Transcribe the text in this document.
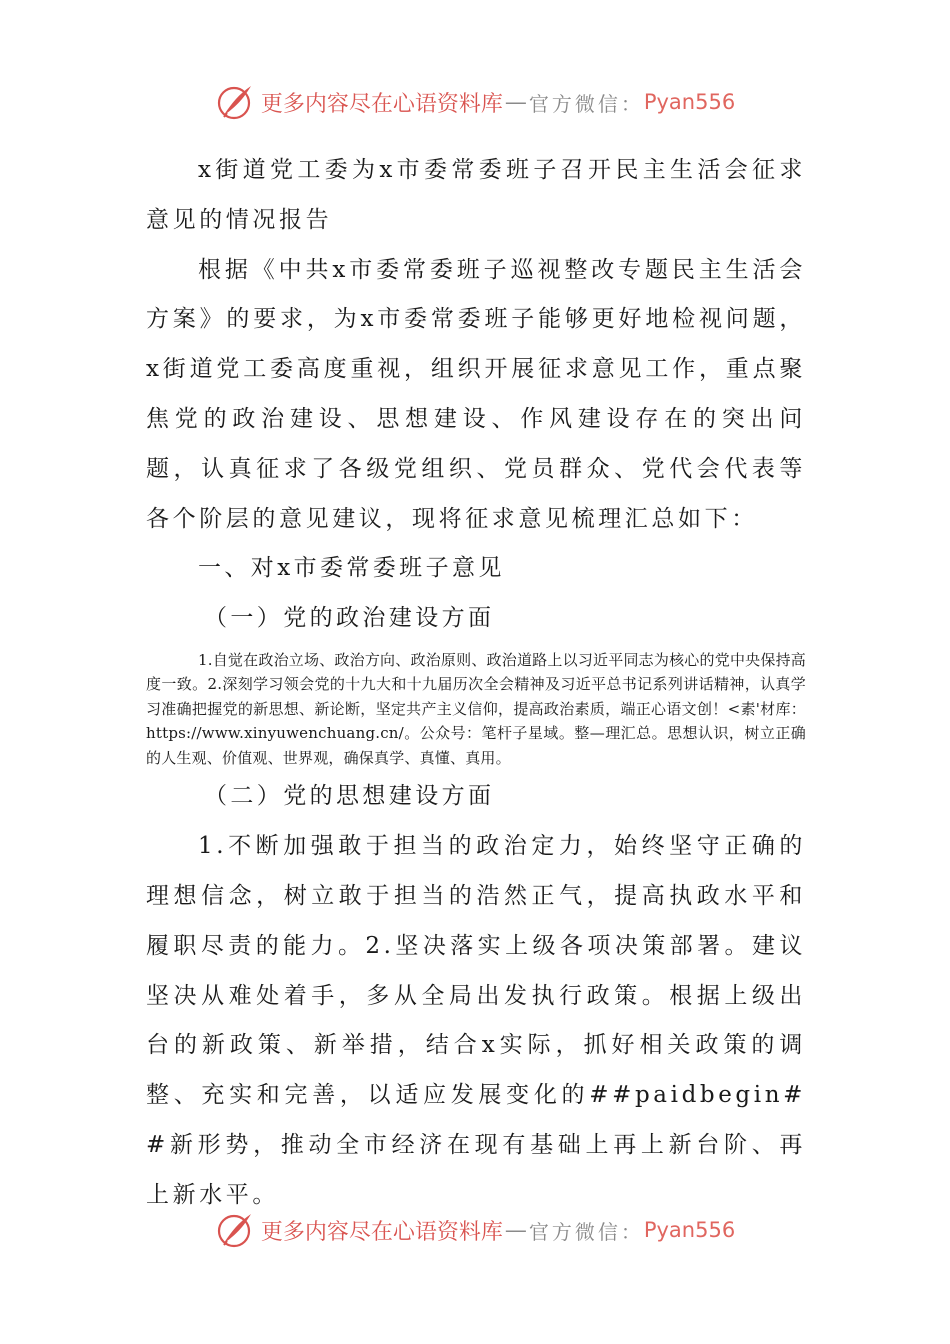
更多内容尽在心语资料库 — 官方微信： Pyan556

x街道党工委为x市委常委班子召开民主生活会征求意见的情况报告

根据《中共x市委常委班子巡视整改专题民主生活会方案》的要求，为x市委常委班子能够更好地检视问题，x街道党工委高度重视，组织开展征求意见工作，重点聚焦党的政治建设、思想建设、作风建设存在的突出问题，认真征求了各级党组织、党员群众、党代会代表等各个阶层的意见建议，现将征求意见梳理汇总如下：

一、对x市委常委班子意见

（一）党的政治建设方面

1.自觉在政治立场、政治方向、政治原则、政治道路上以习近平同志为核心的党中央保持高度一致。2.深刻学习领会党的十九大和十九届历次全会精神及习近平总书记系列讲话精神，认真学习准确把握党的新思想、新论断，坚定共产主义信仰，提高政治素质，端正心语文创！<素'材库：https://www.xinyuwenchuang.cn/。公众号：笔杆子星域。整—理汇总。思想认识，树立正确的人生观、价值观、世界观，确保真学、真懂、真用。

（二）党的思想建设方面

1.不断加强敢于担当的政治定力，始终坚守正确的理想信念，树立敢于担当的浩然正气，提高执政水平和履职尽责的能力。2.坚决落实上级各项决策部署。建议坚决从难处着手，多从全局出发执行政策。根据上级出台的新政策、新举措，结合x实际，抓好相关政策的调整、充实和完善，以适应发展变化的##paidbegin##新形势，推动全市经济在现有基础上再上新台阶、再上新水平。

更多内容尽在心语资料库 — 官方微信： Pyan556
